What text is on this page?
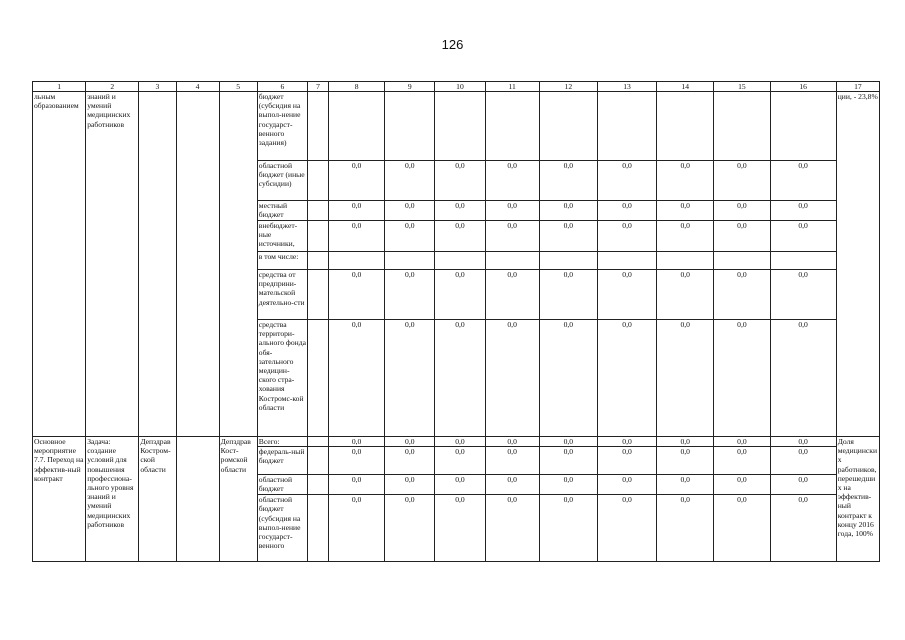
126
1	2	3	4	5	6	7	8	9	10	11	12	13	14	15	16	17
льным образованием	знаний и умений медицинских работников				бюджет (субсидия на выпол-нение государст-венного задания)											ции, - 23,8%
					областной бюджет (иные субсидии)		0,0	0,0	0,0	0,0	0,0	0,0	0,0	0,0	0,0	
					местный бюджет		0,0	0,0	0,0	0,0	0,0	0,0	0,0	0,0	0,0	
					внебюджет-ные источники,		0,0	0,0	0,0	0,0	0,0	0,0	0,0	0,0	0,0	
					в том числе:											
					средства от предприни-мательской деятельно-сти		0,0	0,0	0,0	0,0	0,0	0,0	0,0	0,0	0,0	
					средства территори-ального фонда обя-зательного медицин-ского стра-хования Костромс-кой области		0,0	0,0	0,0	0,0	0,0	0,0	0,0	0,0	0,0	
Основное мероприятие 7.7. Переход на эффектив-ный контракт	Задача: создание условий для повышения профессиона-льного уровня знаний и умений медицинских работников	Депздрав Костром-ской области		Депздрав Кост-ромской области	Всего:		0,0	0,0	0,0	0,0	0,0	0,0	0,0	0,0	0,0	Доля медицинских работников, перешедших на эффектив-ный контракт к концу 2016 года, 100%
					федераль-ный бюджет		0,0	0,0	0,0	0,0	0,0	0,0	0,0	0,0	0,0	
					областной бюджет		0,0	0,0	0,0	0,0	0,0	0,0	0,0	0,0	0,0	
					областной бюджет (субсидия на выпол-нение государст-венного		0,0	0,0	0,0	0,0	0,0	0,0	0,0	0,0	0,0	
